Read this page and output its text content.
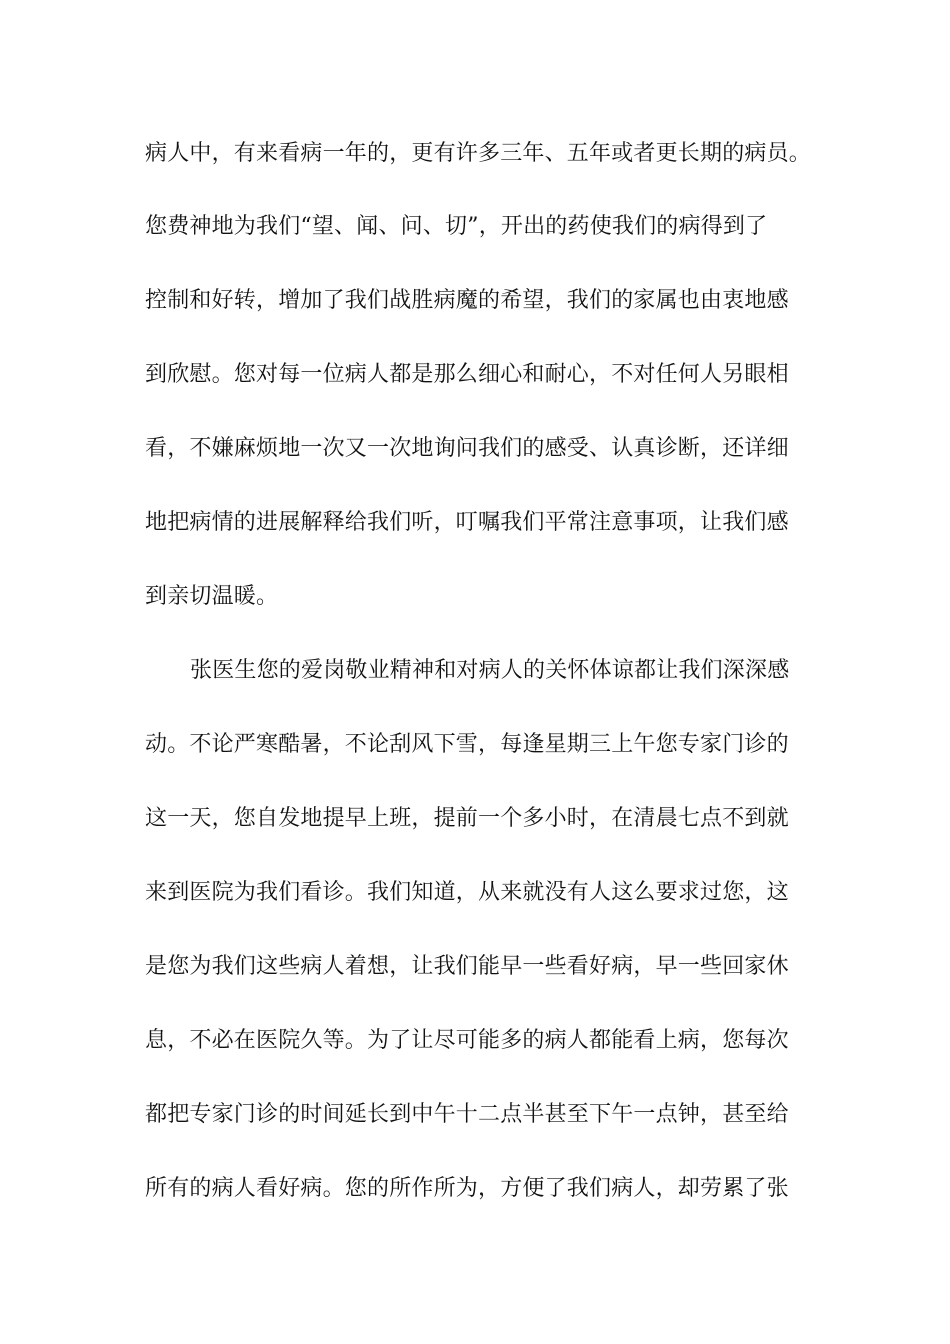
病人中，有来看病一年的，更有许多三年、五年或者更长期的病员。
您费神地为我们“望、闻、问、切”，开出的药使我们的病得到了
控制和好转，增加了我们战胜病魔的希望，我们的家属也由衷地感
到欣慰。您对每一位病人都是那么细心和耐心，不对任何人另眼相
看，不嫌麻烦地一次又一次地询问我们的感受、认真诊断，还详细
地把病情的进展解释给我们听，叮嘱我们平常注意事项，让我们感
到亲切温暖。
张医生您的爱岗敬业精神和对病人的关怀体谅都让我们深深感
动。不论严寒酷暑，不论刮风下雪，每逢星期三上午您专家门诊的
这一天，您自发地提早上班，提前一个多小时，在清晨七点不到就
来到医院为我们看诊。我们知道，从来就没有人这么要求过您，这
是您为我们这些病人着想，让我们能早一些看好病，早一些回家休
息，不必在医院久等。为了让尽可能多的病人都能看上病，您每次
都把专家门诊的时间延长到中午十二点半甚至下午一点钟，甚至给
所有的病人看好病。您的所作所为，方便了我们病人，却劳累了张
